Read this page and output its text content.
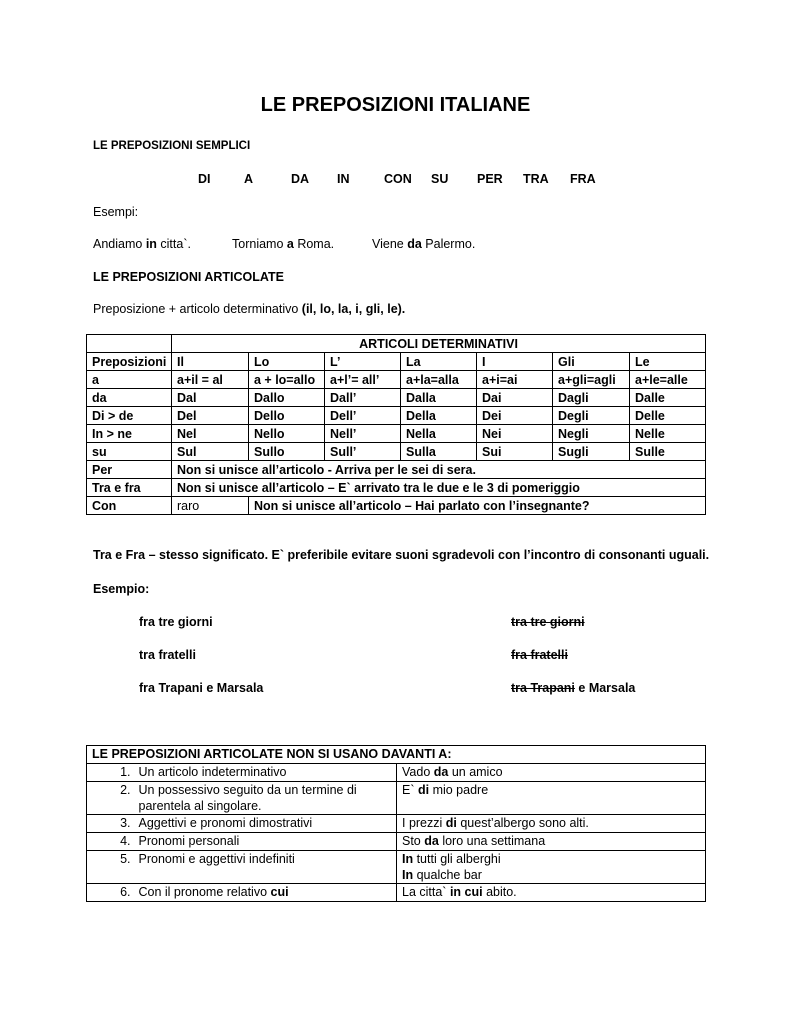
LE PREPOSIZIONI ITALIANE
LE PREPOSIZIONI SEMPLICI
DI	A	DA IN	CON SU PER TRA FRA
Esempi:
Andiamo in citta`.	Torniamo a Roma.	Viene da Palermo.
LE PREPOSIZIONI ARTICOLATE
Preposizione + articolo determinativo (il, lo, la, i, gli, le).
	ARTICOLI DETERMINATIVI						
Preposizioni	Il	Lo	L’	La	I	Gli	Le
a	a+il = al	a + lo=allo	a+l’= all’	a+la=alla	a+i=ai	a+gli=agli	a+le=alle
da	Dal	Dallo	Dall’	Dalla	Dai	Dagli	Dalle
Di > de	Del	Dello	Dell’	Della	Dei	Degli	Delle
In > ne	Nel	Nello	Nell’	Nella	Nei	Negli	Nelle
su	Sul	Sullo	Sull’	Sulla	Sui	Sugli	Sulle
Per	Non si unisce all’articolo - Arriva per le sei di sera.						
Tra e fra	Non si unisce all’articolo – E` arrivato tra le due e le 3 di pomeriggio						
Con	raro	Non si unisce all’articolo – Hai parlato con l’insegnante?					
Tra e Fra – stesso significato. E` preferibile evitare suoni sgradevoli con l’incontro di consonanti uguali.
Esempio:
fra tre giorni	tra tre giorni
tra fratelli	fra fratelli
fra Trapani e Marsala	tra Trapani e Marsala
LE PREPOSIZIONI ARTICOLATE NON SI USANO DAVANTI A:		
1.	Un articolo indeterminativo	Vado da un amico
2.	Un possessivo seguito da un termine di parentela al singolare.	E` di mio padre
3.	Aggettivi e pronomi dimostrativi	I prezzi di quest’albergo sono alti.
4.	Pronomi personali	Sto da loro una settimana
5.	Pronomi e aggettivi indefiniti	In tutti gli alberghi
In qualche bar
6.	Con il pronome relativo cui	La citta` in cui abito.
